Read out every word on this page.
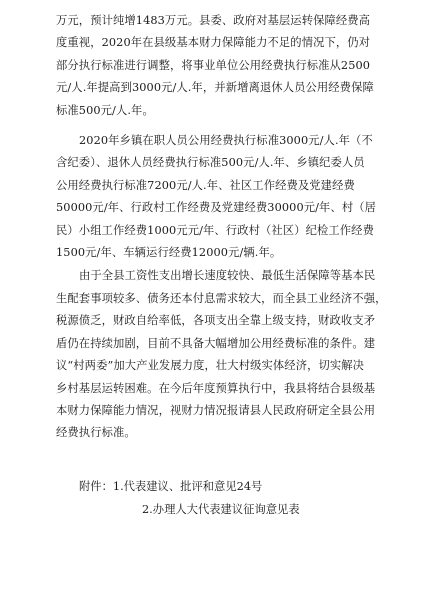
万元，预计纯增1483万元。县委、政府对基层运转保障经费高
度重视，2020年在县级基本财力保障能力不足的情况下，仍对
部分执行标准进行调整，将事业单位公用经费执行标准从2500
元/人.年提高到3000元/人.年，并新增离退休人员公用经费保障
标准500元/人.年。

2020年乡镇在职人员公用经费执行标准3000元/人.年（不
含纪委）、退休人员经费执行标准500元/人.年、乡镇纪委人员
公用经费执行标准7200元/人.年、社区工作经费及党建经费
50000元/年、行政村工作经费及党建经费30000元/年、村（居
民）小组工作经费1000元元/年、行政村（社区）纪检工作经费
1500元/年、车辆运行经费12000元/辆.年。

由于全县工资性支出增长速度较快、最低生活保障等基本民
生配套事项较多、债务还本付息需求较大，而全县工业经济不强，
税源偾乏，财政自给率低，各项支出全靠上级支持，财政收支矛
盾仍在持续加剧，目前不具备大幅增加公用经费标准的条件。建
议“村两委”加大产业发展力度，壮大村级实体经济，切实解决
乡村基层运转困难。在今后年度预算执行中，我县将结合县级基
本财力保障能力情况，视财力情况报请县人民政府研定全县公用
经费执行标准。

附件：1.代表建议、批评和意见24号
2.办理人大代表建议征询意见表
